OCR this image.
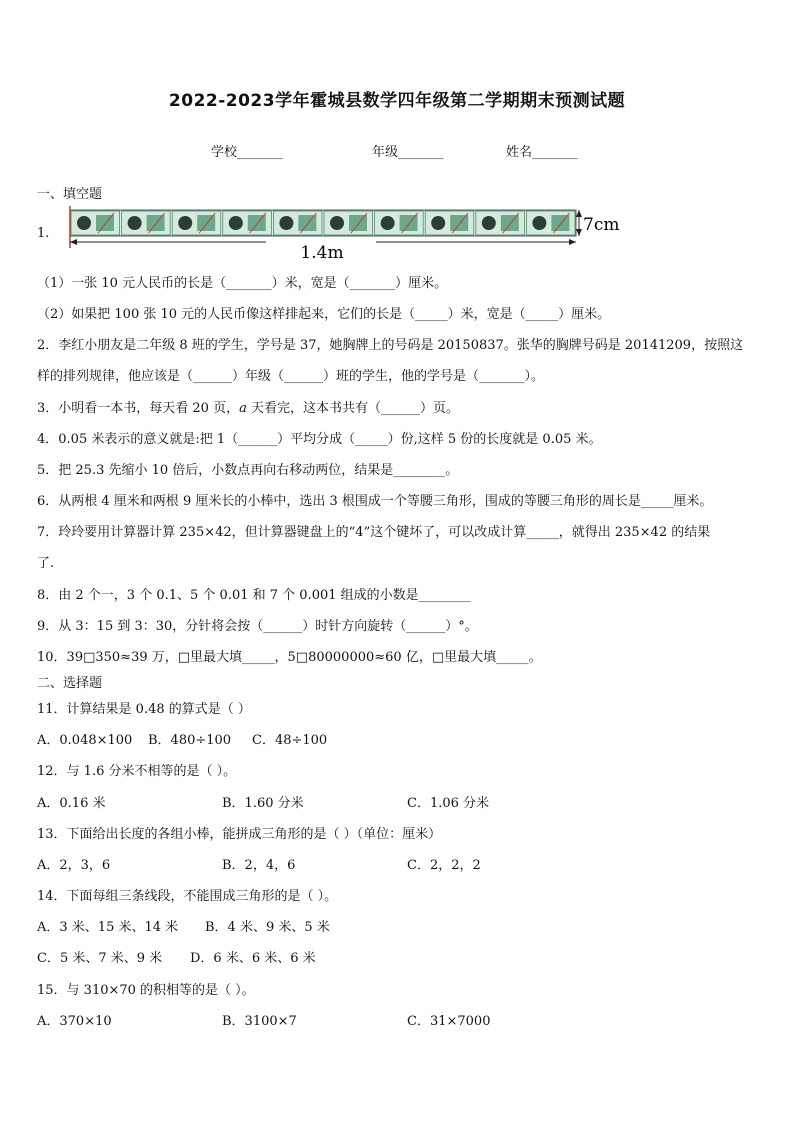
2022-2023学年霍城县数学四年级第二学期期末预测试题
学校_______	年级_______	姓名_______
一、填空题
1.
1.4m
7cm
（1）一张 10 元人民币的长是（_______）米，宽是（_______）厘米。
（2）如果把 100 张 10 元的人民币像这样排起来，它们的长是（_____）米，宽是（_____）厘米。
2．李红小朋友是二年级 8 班的学生，学号是 37，她胸牌上的号码是 20150837。张华的胸牌号码是 20141209，按照这
样的排列规律，他应该是（______）年级（______）班的学生，他的学号是（_______）。
3．小明看一本书，每天看 20 页，𝑎 天看完，这本书共有（______）页。
4．0.05 米表示的意义就是:把 1（______）平均分成（_____）份,这样 5 份的长度就是 0.05 米。
5．把 25.3 先缩小 10 倍后，小数点再向右移动两位，结果是________。
6．从两根 4 厘米和两根 9 厘米长的小棒中，选出 3 根围成一个等腰三角形，围成的等腰三角形的周长是_____厘米。
7．玲玲要用计算器计算 235×42，但计算器键盘上的“4”这个键坏了，可以改成计算_____，就得出 235×42 的结果
了.
8．由 2 个一，3 个 0.1、5 个 0.01 和 7 个 0.001 组成的小数是________
9．从 3：15 到 3：30，分针将会按（______）时针方向旋转（______）°。
10．39□350≈39 万，□里最大填_____，5□80000000≈60 亿，□里最大填_____。
二、选择题
11．计算结果是 0.48 的算式是（ ）
A．0.048×100 B．480÷100 C．48÷100
12．与 1.6 分米不相等的是（ ）。
A．0.16 米	B．1.60 分米	C．1.06 分米
13．下面给出长度的各组小棒，能拼成三角形的是（ ）（单位：厘米）
A．2，3，6	B．2，4，6	C．2，2，2
14．下面每组三条线段，不能围成三角形的是（ ）。
A．3 米、15 米、14 米 B．4 米、9 米、5 米
C．5 米、7 米、9 米 D．6 米、6 米、6 米
15．与 310×70 的积相等的是（ ）。
A．370×10	B．3100×7	C．31×7000
